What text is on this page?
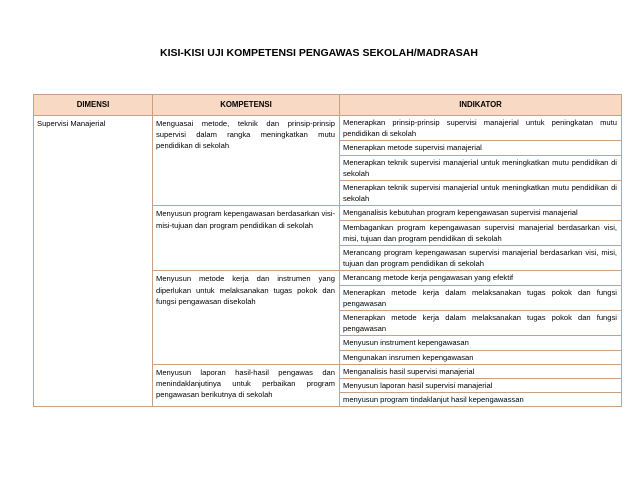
KISI-KISI UJI KOMPETENSI PENGAWAS SEKOLAH/MADRASAH
DIMENSI	KOMPETENSI	INDIKATOR
Supervisi Manajerial	Menguasai metode, teknik dan prinsip-prinsip supervisi dalam rangka meningkatkan mutu pendidikan di sekolah	Menerapkan prinsip-prinsip supervisi manajerial untuk peningkatan mutu pendidikan di sekolah
		Menerapkan metode supervisi manajerial
		Menerapkan teknik supervisi manajerial untuk meningkatkan mutu pendidikan di sekolah
		Menerapkan teknik supervisi manajerial untuk meningkatkan mutu pendidikan di sekolah
	Menyusun program kepengawasan berdasarkan visi-misi-tujuan dan program pendidikan di sekolah	Menganalisis kebutuhan program kepengawasan supervisi manajerial
		Membagankan program kepengawasan supervisi manajerial berdasarkan visi, misi, tujuan dan program pendidikan di sekolah
		Merancang program kepengawasan supervisi manajerial berdasarkan visi, misi, tujuan dan program pendidikan di sekolah
	Menyusun metode kerja dan instrumen yang diperlukan untuk melaksanakan tugas pokok dan fungsi pengawasan disekolah	Merancang metode kerja pengawasan yang efektif
		Menerapkan metode kerja dalam melaksanakan tugas pokok dan fungsi pengawasan
		Menerapkan metode kerja dalam melaksanakan tugas pokok dan fungsi pengawasan
		Menyusun instrument kepengawasan
		Mengunakan insrumen kepengawasan
	Menyusun laporan hasil-hasil pengawas dan menindaklanjutinya untuk perbaikan program pengawasan berikutnya di sekolah	Menganalisis hasil supervisi manajerial
		Menyusun laporan hasil supervisi manajerial
		menyusun program tindaklanjut hasil kepengawassan
